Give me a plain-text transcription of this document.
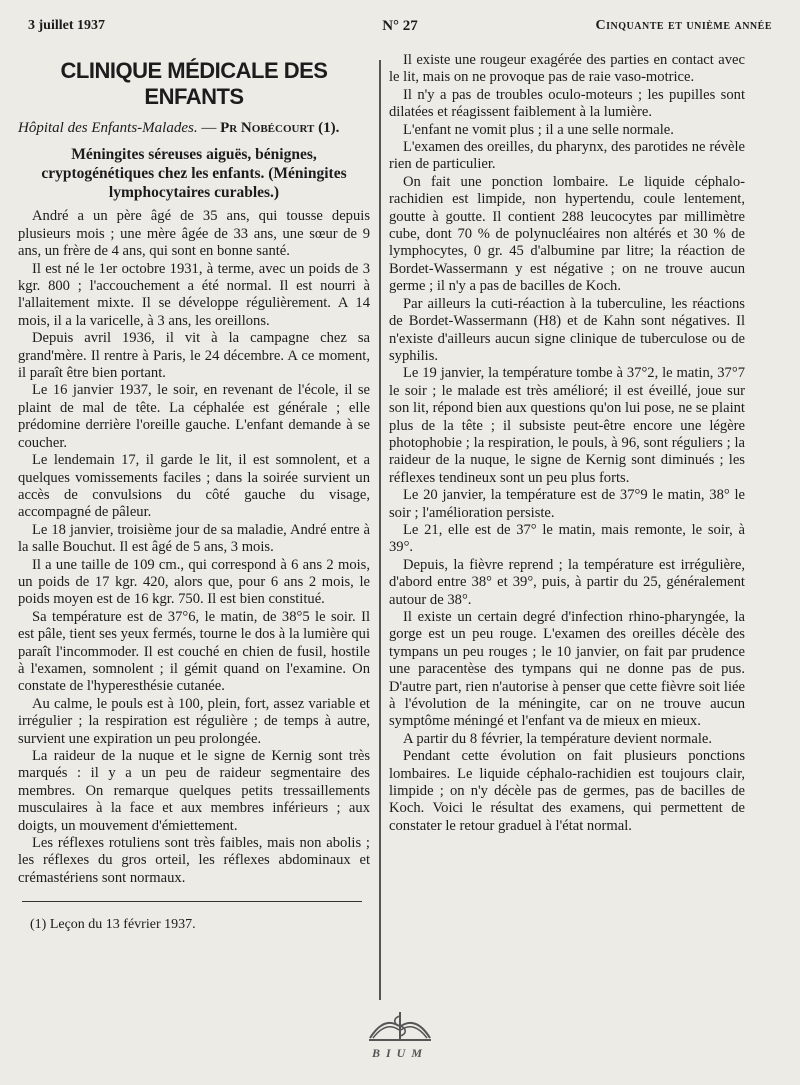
3 juillet 1937	N° 27	Cinquante et unième année
CLINIQUE MÉDICALE DES ENFANTS
Hôpital des Enfants-Malades. — Pr Nobécourt (1).
Méningites séreuses aiguës, bénignes, cryptogénétiques chez les enfants. (Méningites lymphocytaires curables.)

André a un père âgé de 35 ans, qui tousse depuis plusieurs mois ; une mère âgée de 33 ans, une sœur de 9 ans, un frère de 4 ans, qui sont en bonne santé.

Il est né le 1er octobre 1931, à terme, avec un poids de 3 kgr. 800 ; l'accouchement a été normal. Il est nourri à l'allaitement mixte. Il se développe régulièrement. A 14 mois, il a la varicelle, à 3 ans, les oreillons.

Depuis avril 1936, il vit à la campagne chez sa grand'mère. Il rentre à Paris, le 24 décembre. A ce moment, il paraît être bien portant.

Le 16 janvier 1937, le soir, en revenant de l'école, il se plaint de mal de tête. La céphalée est générale ; elle prédomine derrière l'oreille gauche. L'enfant demande à se coucher.

Le lendemain 17, il garde le lit, il est somnolent, et a quelques vomissements faciles ; dans la soirée survient un accès de convulsions du côté gauche du visage, accompagné de pâleur.

Le 18 janvier, troisième jour de sa maladie, André entre à la salle Bouchut. Il est âgé de 5 ans, 3 mois.

Il a une taille de 109 cm., qui correspond à 6 ans 2 mois, un poids de 17 kgr. 420, alors que, pour 6 ans 2 mois, le poids moyen est de 16 kgr. 750. Il est bien constitué.

Sa température est de 37°6, le matin, de 38°5 le soir. Il est pâle, tient ses yeux fermés, tourne le dos à la lumière qui paraît l'incommoder. Il est couché en chien de fusil, hostile à l'examen, somnolent ; il gémit quand on l'examine. On constate de l'hyperesthésie cutanée.

Au calme, le pouls est à 100, plein, fort, assez variable et irrégulier ; la respiration est régulière ; de temps à autre, survient une expiration un peu prolongée.

La raideur de la nuque et le signe de Kernig sont très marqués : il y a un peu de raideur segmentaire des membres. On remarque quelques petits tressaillements musculaires à la face et aux membres inférieurs ; aux doigts, un mouvement d'émiettement.

Les réflexes rotuliens sont très faibles, mais non abolis ; les réflexes du gros orteil, les réflexes abdominaux et crémastériens sont normaux.

(1) Leçon du 13 février 1937.

Il existe une rougeur exagérée des parties en contact avec le lit, mais on ne provoque pas de raie vaso-motrice.

Il n'y a pas de troubles oculo-moteurs ; les pupilles sont dilatées et réagissent faiblement à la lumière.

L'enfant ne vomit plus ; il a une selle normale.

L'examen des oreilles, du pharynx, des parotides ne révèle rien de particulier.

On fait une ponction lombaire. Le liquide céphalo-rachidien est limpide, non hypertendu, coule lentement, goutte à goutte. Il contient 288 leucocytes par millimètre cube, dont 70 % de polynucléaires non altérés et 30 % de lymphocytes, 0 gr. 45 d'albumine par litre; la réaction de Bordet-Wassermann y est négative ; on ne trouve aucun germe ; il n'y a pas de bacilles de Koch.

Par ailleurs la cuti-réaction à la tuberculine, les réactions de Bordet-Wassermann (H8) et de Kahn sont négatives. Il n'existe d'ailleurs aucun signe clinique de tuberculose ou de syphilis.

Le 19 janvier, la température tombe à 37°2, le matin, 37°7 le soir ; le malade est très amélioré; il est éveillé, joue sur son lit, répond bien aux questions qu'on lui pose, ne se plaint plus de la tête ; il subsiste peut-être encore une légère photophobie ; la respiration, le pouls, à 96, sont réguliers ; la raideur de la nuque, le signe de Kernig sont diminués ; les réflexes tendineux sont un peu plus forts.

Le 20 janvier, la température est de 37°9 le matin, 38° le soir ; l'amélioration persiste.

Le 21, elle est de 37° le matin, mais remonte, le soir, à 39°.

Depuis, la fièvre reprend ; la température est irrégulière, d'abord entre 38° et 39°, puis, à partir du 25, généralement autour de 38°.

Il existe un certain degré d'infection rhino-pharyngée, la gorge est un peu rouge. L'examen des oreilles décèle des tympans un peu rouges ; le 10 janvier, on fait par prudence une paracentèse des tympans qui ne donne pas de pus. D'autre part, rien n'autorise à penser que cette fièvre soit liée à l'évolution de la méningite, car on ne trouve aucun symptôme méningé et l'enfant va de mieux en mieux.

A partir du 8 février, la température devient normale.

Pendant cette évolution on fait plusieurs ponctions lombaires. Le liquide céphalo-rachidien est toujours clair, limpide ; on n'y décèle pas de germes, pas de bacilles de Koch. Voici le résultat des examens, qui permettent de constater le retour graduel à l'état normal.

BIUM
